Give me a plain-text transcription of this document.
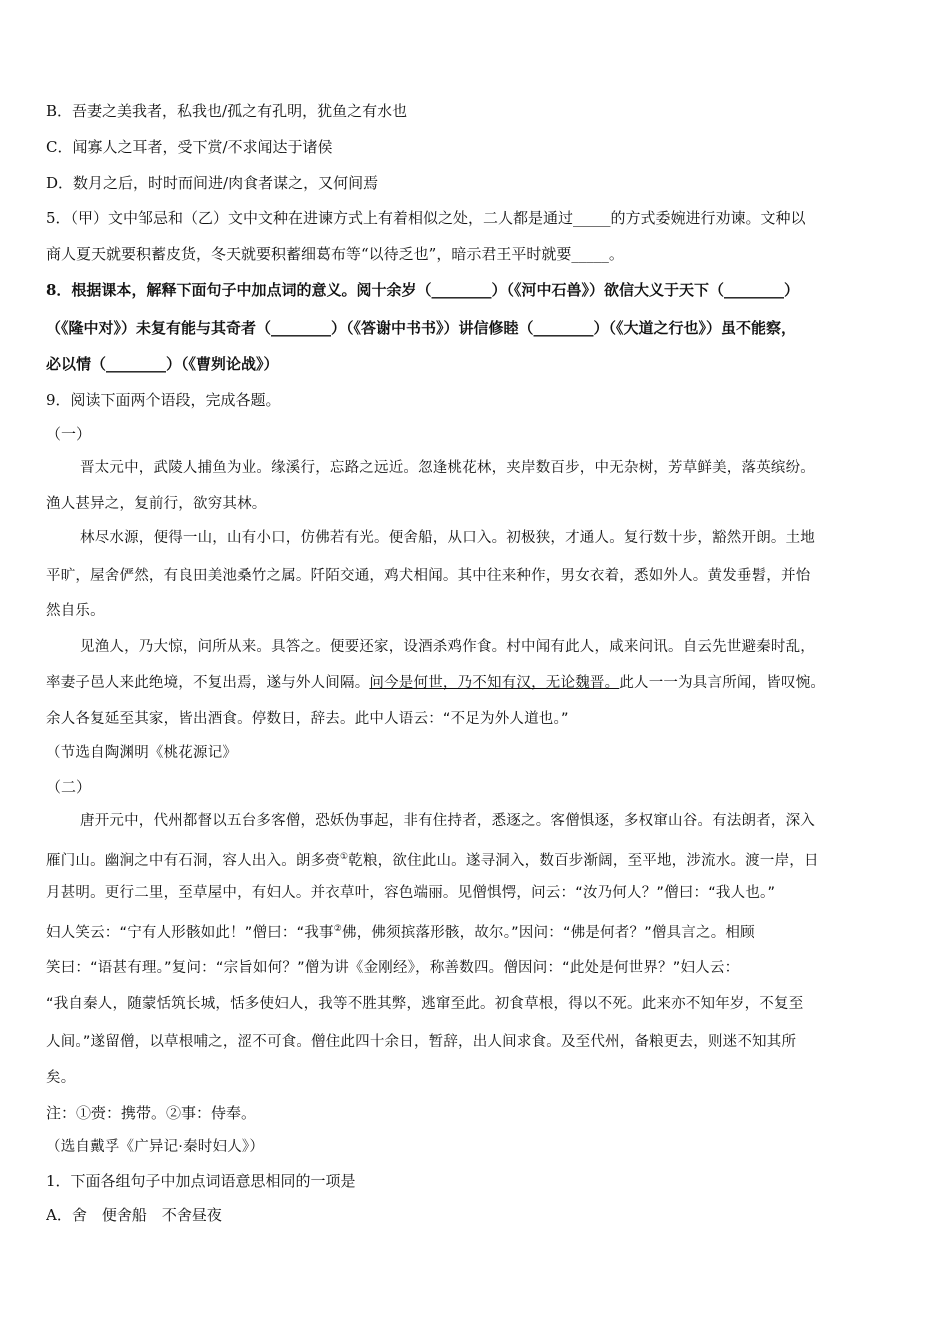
B．吾妻之美我者，私我也/孤之有孔明，犹鱼之有水也
C．闻寡人之耳者，受下赏/不求闻达于诸侯
D．数月之后，时时而间进/肉食者谋之，又何间焉
5．（甲）文中邹忌和（乙）文中文种在进谏方式上有着相似之处，二人都是通过_____的方式委婉进行劝谏。文种以
商人夏天就要积蓄皮货，冬天就要积蓄细葛布等“以待乏也”，暗示君王平时就要_____。
8．根据课本，解释下面句子中加点词的意义。阅十余岁（________）（《河中石兽》）欲信大义于天下（________）
（《隆中对》）未复有能与其奇者（________）（《答谢中书书》）讲信修睦（________）（《大道之行也》）虽不能察，
必以情（________）（《曹刿论战》）
9．阅读下面两个语段，完成各题。
（一）
晋太元中，武陵人捕鱼为业。缘溪行，忘路之远近。忽逢桃花林，夹岸数百步，中无杂树，芳草鲜美，落英缤纷。
渔人甚异之，复前行，欲穷其林。
林尽水源，便得一山，山有小口，仿佛若有光。便舍船，从口入。初极狭，才通人。复行数十步，豁然开朗。土地
平旷，屋舍俨然，有良田美池桑竹之属。阡陌交通，鸡犬相闻。其中往来种作，男女衣着，悉如外人。黄发垂髫，并怡
然自乐。
见渔人，乃大惊，问所从来。具答之。便要还家，设酒杀鸡作食。村中闻有此人，咸来问讯。自云先世避秦时乱，
率妻子邑人来此绝境，不复出焉，遂与外人间隔。问今是何世，乃不知有汉，无论魏晋。此人一一为具言所闻，皆叹惋。
余人各复延至其家，皆出酒食。停数日，辞去。此中人语云：“不足为外人道也。”
（节选自陶渊明《桃花源记》
（二）
唐开元中，代州都督以五台多客僧，恐妖伪事起，非有住持者，悉逐之。客僧惧逐，多权窜山谷。有法朗者，深入
雁门山。幽涧之中有石洞，容人出入。朗多赍①乾粮，欲住此山。遂寻洞入，数百步渐阔，至平地，涉流水。渡一岸，日
月甚明。更行二里，至草屋中，有妇人。并衣草叶，容色端丽。见僧惧愕，问云：“汝乃何人？”僧曰：“我人也。”
妇人笑云：“宁有人形骸如此！”僧曰：“我事②佛，佛须摈落形骸，故尔。”因问：“佛是何者？”僧具言之。相顾
笑曰：“语甚有理。”复问：“宗旨如何？”僧为讲《金刚经》，称善数四。僧因问：“此处是何世界？”妇人云：
“我自秦人，随蒙恬筑长城，恬多使妇人，我等不胜其弊，逃窜至此。初食草根，得以不死。此来亦不知年岁，不复至
人间。”遂留僧，以草根哺之，涩不可食。僧住此四十余日，暂辞，出人间求食。及至代州，备粮更去，则迷不知其所
矣。
注：①赍：携带。②事：侍奉。
（选自戴孚《广异记·秦时妇人》）
1．下面各组句子中加点词语意思相同的一项是
A．舍　便舍船　不舍昼夜
